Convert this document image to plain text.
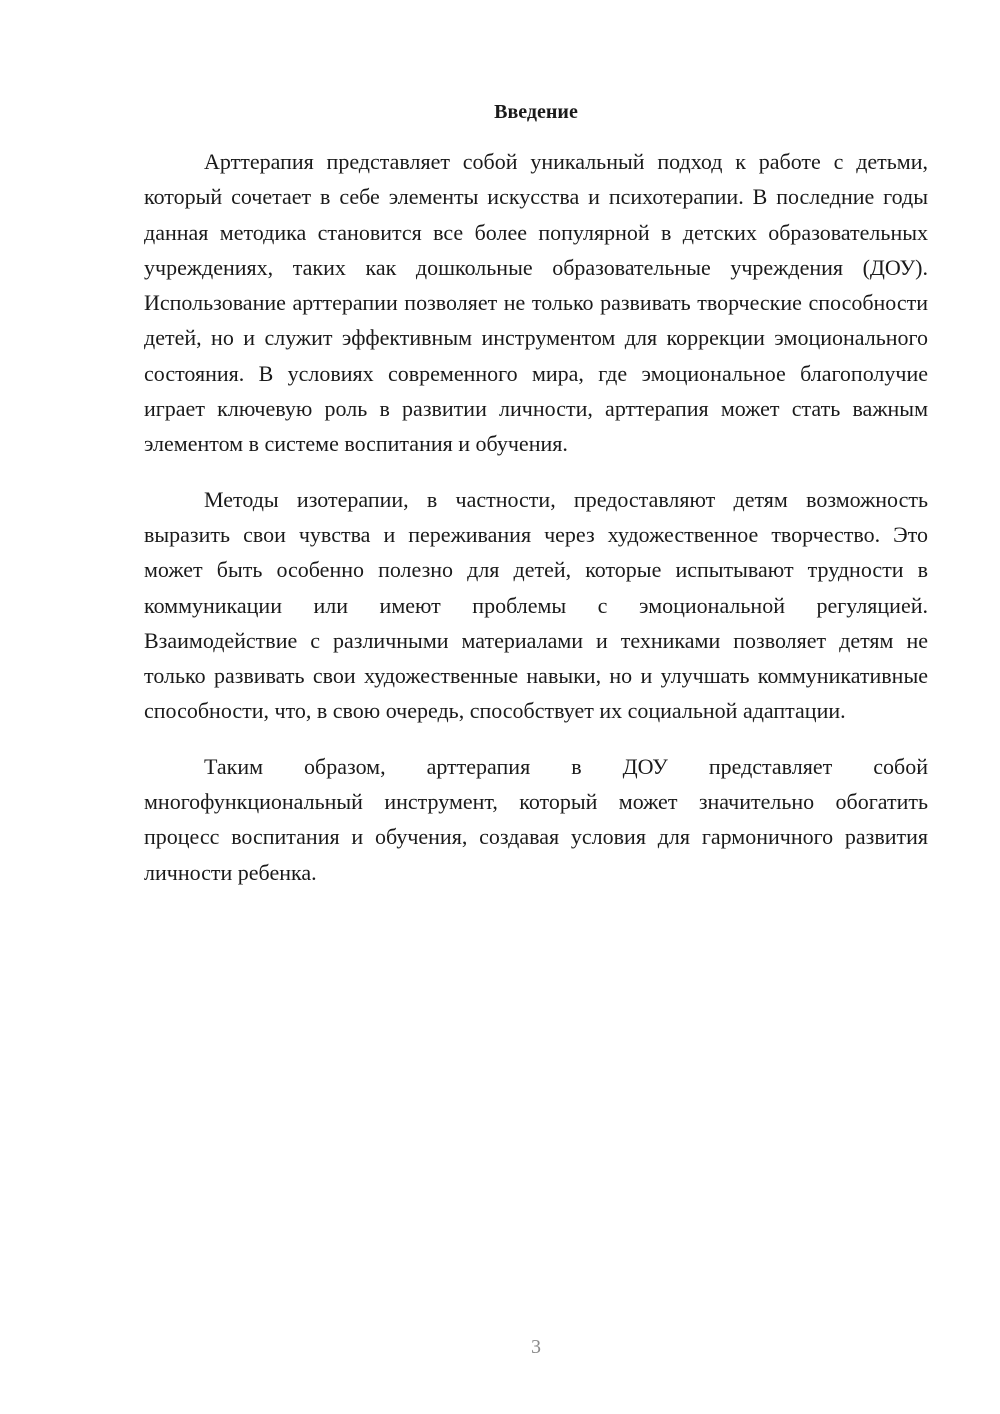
Введение

Арттерапия представляет собой уникальный подход к работе с детьми, который сочетает в себе элементы искусства и психотерапии. В последние годы данная методика становится все более популярной в детских образовательных учреждениях, таких как дошкольные образовательные учреждения (ДОУ). Использование арттерапии позволяет не только развивать творческие способности детей, но и служит эффективным инструментом для коррекции эмоционального состояния. В условиях современного мира, где эмоциональное благополучие играет ключевую роль в развитии личности, арттерапия может стать важным элементом в системе воспитания и обучения.

Методы изотерапии, в частности, предоставляют детям возможность выразить свои чувства и переживания через художественное творчество. Это может быть особенно полезно для детей, которые испытывают трудности в коммуникации или имеют проблемы с эмоциональной регуляцией. Взаимодействие с различными материалами и техниками позволяет детям не только развивать свои художественные навыки, но и улучшать коммуникативные способности, что, в свою очередь, способствует их социальной адаптации.

Таким образом, арттерапия в ДОУ представляет собой многофункциональный инструмент, который может значительно обогатить процесс воспитания и обучения, создавая условия для гармоничного развития личности ребенка.

3
